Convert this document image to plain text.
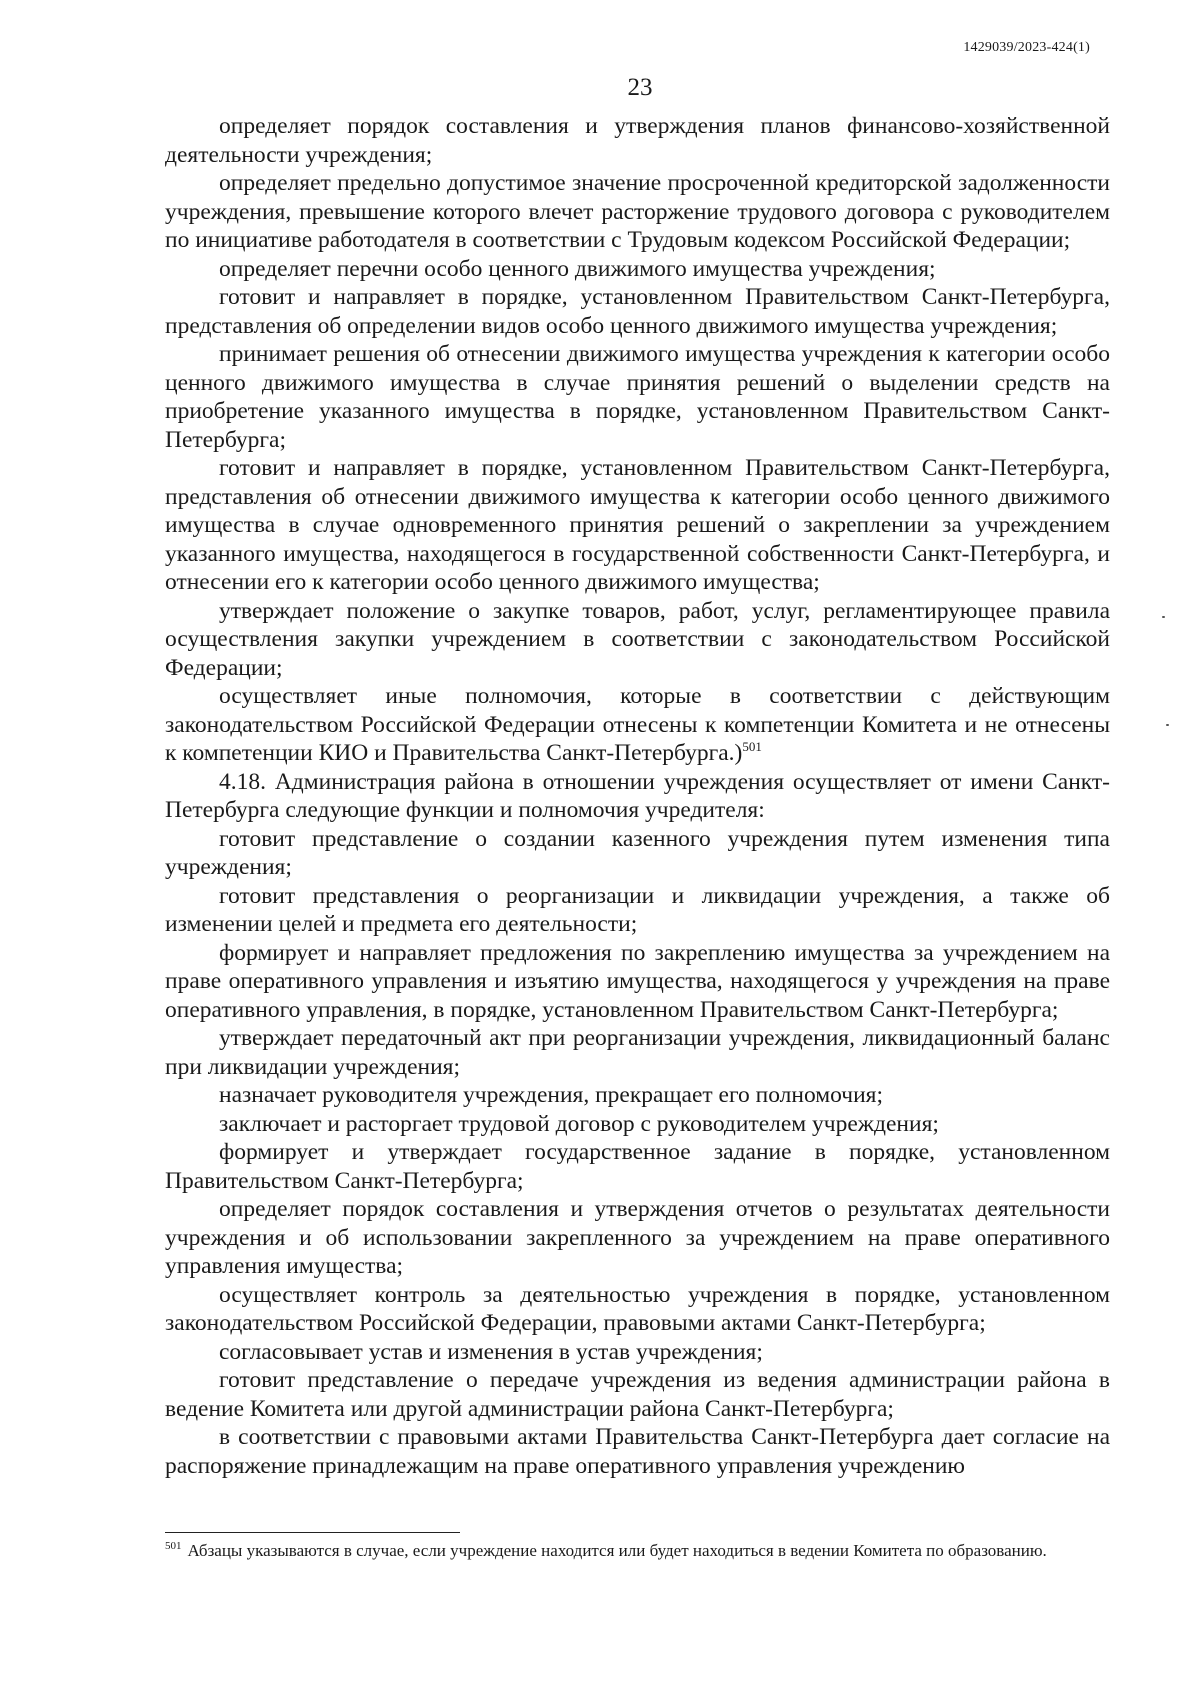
1429039/2023-424(1)
23

определяет порядок составления и утверждения планов финансово-хозяйственной деятельности учреждения;

определяет предельно допустимое значение просроченной кредиторской задолженности учреждения, превышение которого влечет расторжение трудового договора с руководителем по инициативе работодателя в соответствии с Трудовым кодексом Российской Федерации;

определяет перечни особо ценного движимого имущества учреждения;

готовит и направляет в порядке, установленном Правительством Санкт-Петербурга, представления об определении видов особо ценного движимого имущества учреждения;

принимает решения об отнесении движимого имущества учреждения к категории особо ценного движимого имущества в случае принятия решений о выделении средств на приобретение указанного имущества в порядке, установленном Правительством Санкт-Петербурга;

готовит и направляет в порядке, установленном Правительством Санкт-Петербурга, представления об отнесении движимого имущества к категории особо ценного движимого имущества в случае одновременного принятия решений о закреплении за учреждением указанного имущества, находящегося в государственной собственности Санкт-Петербурга, и отнесении его к категории особо ценного движимого имущества;

утверждает положение о закупке товаров, работ, услуг, регламентирующее правила осуществления закупки учреждением в соответствии с законодательством Российской Федерации;

осуществляет иные полномочия, которые в соответствии с действующим законодательством Российской Федерации отнесены к компетенции Комитета и не отнесены к компетенции КИО и Правительства Санкт-Петербурга.)$^{501}$

4.18. Администрация района в отношении учреждения осуществляет от имени Санкт-Петербурга следующие функции и полномочия учредителя:

готовит представление о создании казенного учреждения путем изменения типа учреждения;

готовит представления о реорганизации и ликвидации учреждения, а также об изменении целей и предмета его деятельности;

формирует и направляет предложения по закреплению имущества за учреждением на праве оперативного управления и изъятию имущества, находящегося у учреждения на праве оперативного управления, в порядке, установленном Правительством Санкт-Петербурга;

утверждает передаточный акт при реорганизации учреждения, ликвидационный баланс при ликвидации учреждения;

назначает руководителя учреждения, прекращает его полномочия;

заключает и расторгает трудовой договор с руководителем учреждения;

формирует и утверждает государственное задание в порядке, установленном Правительством Санкт-Петербурга;

определяет порядок составления и утверждения отчетов о результатах деятельности учреждения и об использовании закрепленного за учреждением на праве оперативного управления имущества;

осуществляет контроль за деятельностью учреждения в порядке, установленном законодательством Российской Федерации, правовыми актами Санкт-Петербурга;

согласовывает устав и изменения в устав учреждения;

готовит представление о передаче учреждения из ведения администрации района в ведение Комитета или другой администрации района Санкт-Петербурга;

в соответствии с правовыми актами Правительства Санкт-Петербурга дает согласие на распоряжение принадлежащим на праве оперативного управления учреждению

$^{501}$ Абзацы указываются в случае, если учреждение находится или будет находиться в ведении Комитета по образованию.
